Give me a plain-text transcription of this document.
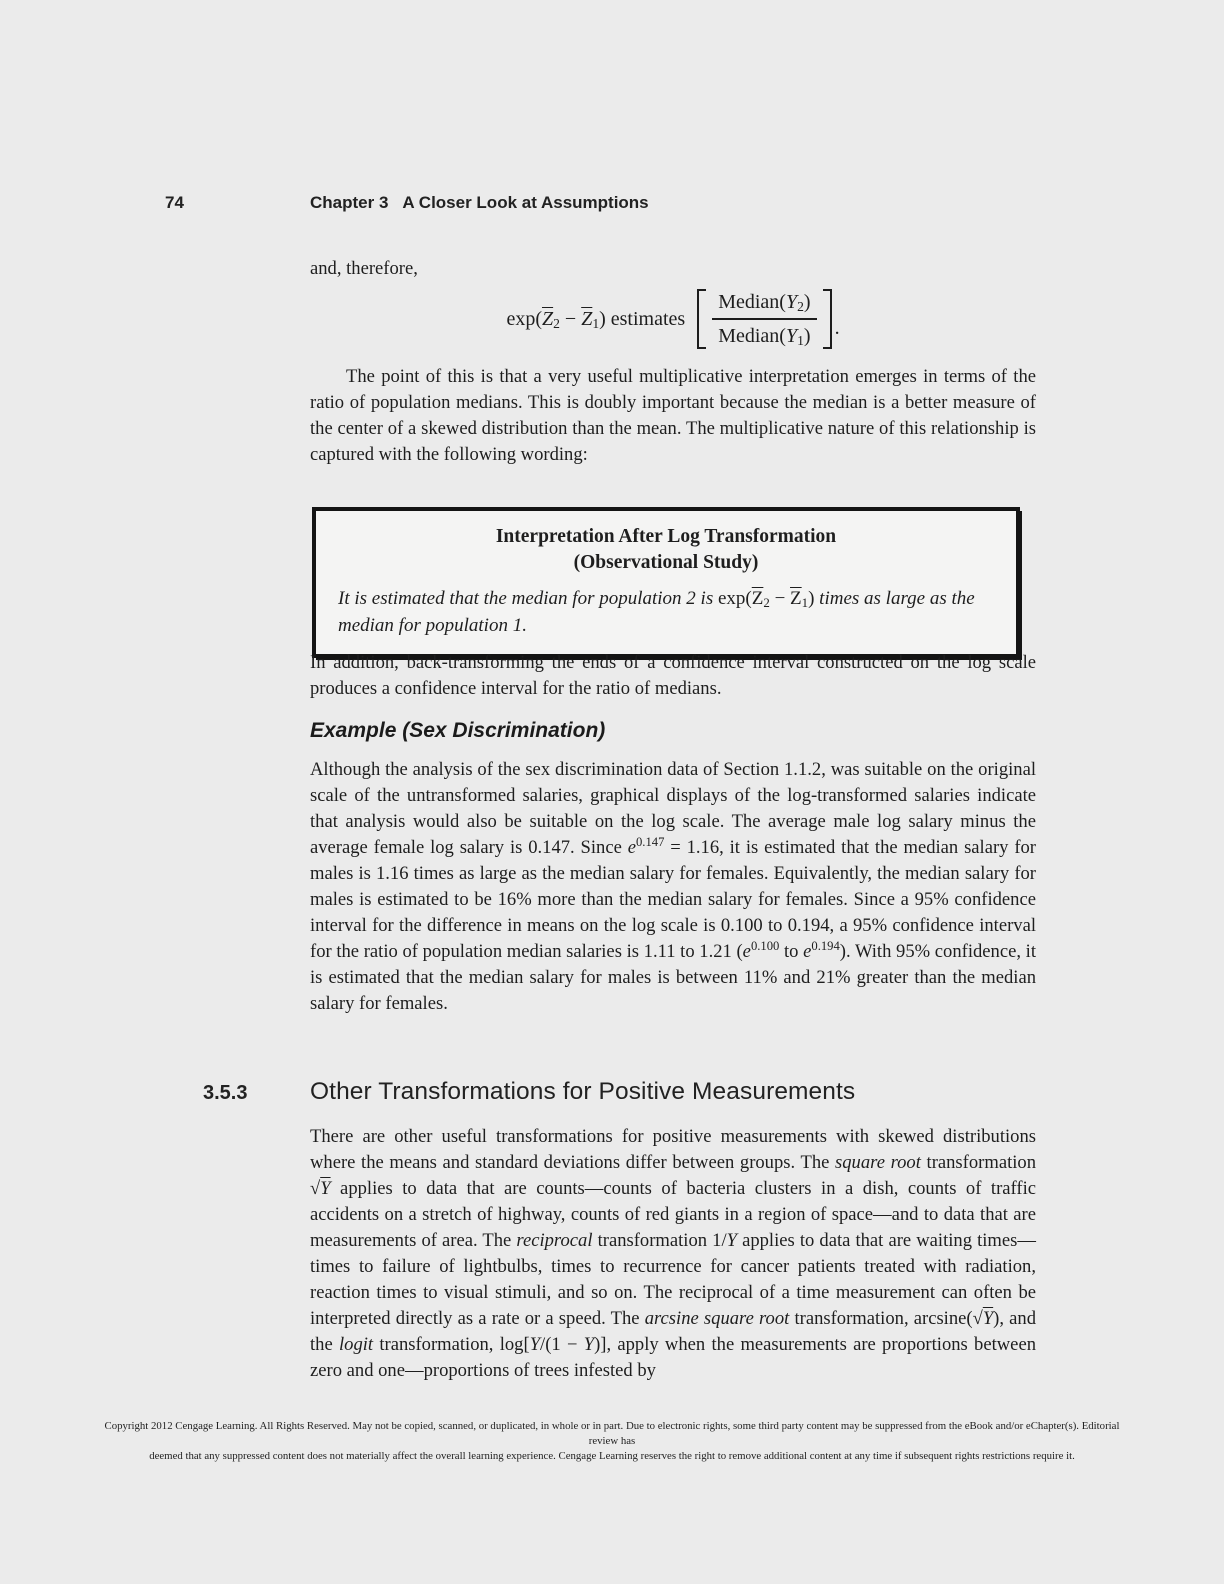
74	Chapter 3 A Closer Look at Assumptions
and, therefore,
$\exp(\overline{Z}2 - \overline{Z}1)$ estimates $\frac{\text{Median(Y2)}}{\text{Median(Y1)}}$ .
The point of this is that a very useful multiplicative interpretation emerges in terms of the ratio of population medians. This is doubly important because the median is a better measure of the center of a skewed distribution than the mean. The multiplicative nature of this relationship is captured with the following wording:
Interpretation After Log Transformation
(Observational Study)
It is estimated that the median for population 2 is $\exp(\overline{Z}2 - \overline{Z}1)$ times as large as the median for population 1.
In addition, back-transforming the ends of a confidence interval constructed on the log scale produces a confidence interval for the ratio of medians.
Example (Sex Discrimination)
Although the analysis of the sex discrimination data of Section 1.1.2, was suitable on the original scale of the untransformed salaries, graphical displays of the log-transformed salaries indicate that analysis would also be suitable on the log scale. The average male log salary minus the average female log salary is 0.147. Since $e^{0.147} = 1.16$, it is estimated that the median salary for males is 1.16 times as large as the median salary for females. Equivalently, the median salary for males is estimated to be 16% more than the median salary for females. Since a 95% confidence interval for the difference in means on the log scale is 0.100 to 0.194, a 95% confidence interval for the ratio of population median salaries is 1.11 to 1.21 ($e^{0.100}$ to $e^{0.194}$). With 95% confidence, it is estimated that the median salary for males is between 11% and 21% greater than the median salary for females.
3.5.3	Other Transformations for Positive Measurements
There are other useful transformations for positive measurements with skewed distributions where the means and standard deviations differ between groups. The square root transformation √Y applies to data that are counts—counts of bacteria clusters in a dish, counts of traffic accidents on a stretch of highway, counts of red giants in a region of space—and to data that are measurements of area. The reciprocal transformation 1/Y applies to data that are waiting times—times to failure of lightbulbs, times to recurrence for cancer patients treated with radiation, reaction times to visual stimuli, and so on. The reciprocal of a time measurement can often be interpreted directly as a rate or a speed. The arcsine square root transformation, arcsine(√Y), and the logit transformation, log[Y/(1 − Y)], apply when the measurements are proportions between zero and one—proportions of trees infested by
Copyright 2012 Cengage Learning. All Rights Reserved. May not be copied, scanned, or duplicated, in whole or in part. Due to electronic rights, some third party content may be suppressed from the eBook and/or eChapter(s). Editorial review has
deemed that any suppressed content does not materially affect the overall learning experience. Cengage Learning reserves the right to remove additional content at any time if subsequent rights restrictions require it.
